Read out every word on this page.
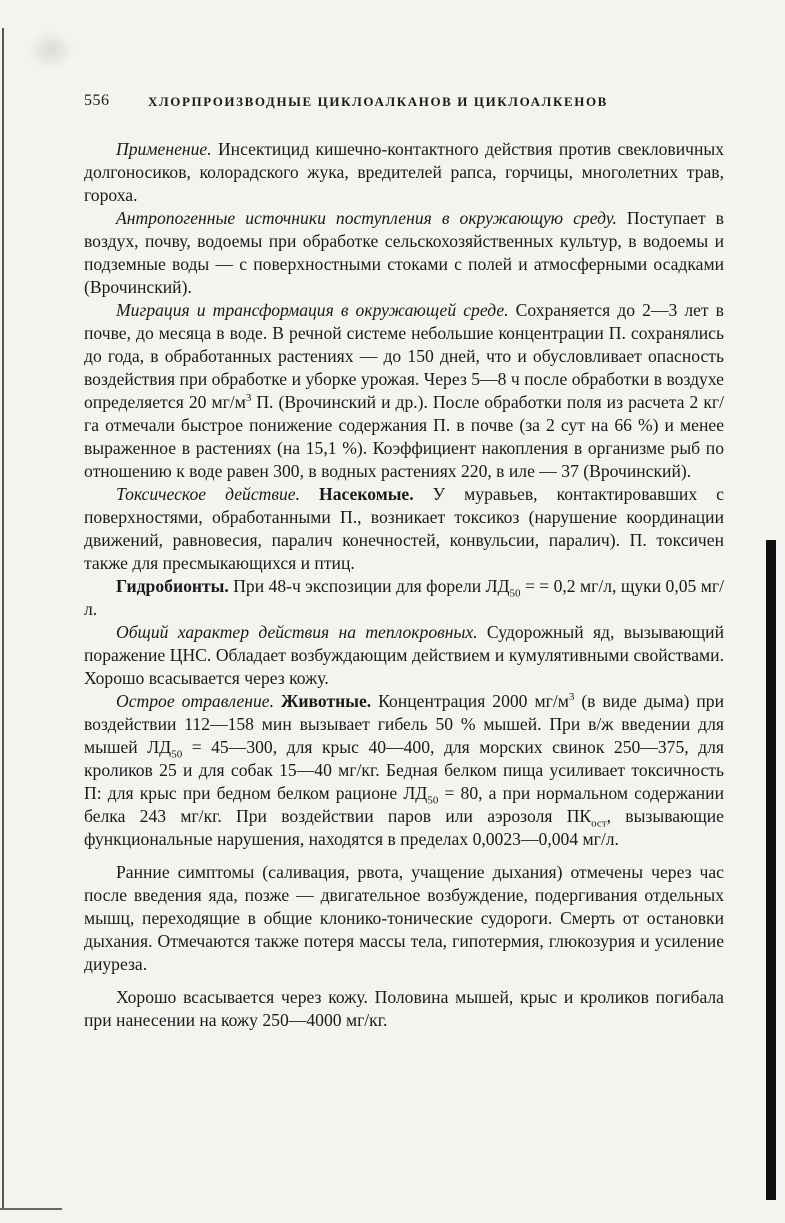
556	ХЛОРПРОИЗВОДНЫЕ ЦИКЛОАЛКАНОВ И ЦИКЛОАЛКЕНОВ

Применение. Инсектицид кишечно-контактного действия против свекловичных долгоносиков, колорадского жука, вредителей рапса, горчицы, многолетних трав, гороха.

Антропогенные источники поступления в окружающую среду. Поступает в воздух, почву, водоемы при обработке сельскохозяйственных культур, в водоемы и подземные воды — с поверхностными стоками с полей и атмосферными осадками (Врочинский).

Миграция и трансформация в окружающей среде. Сохраняется до 2—3 лет в почве, до месяца в воде. В речной системе небольшие концентрации П. сохранялись до года, в обработанных растениях — до 150 дней, что и обусловливает опасность воздействия при обработке и уборке урожая. Через 5—8 ч после обработки в воздухе определяется 20 $мг/м^3$ П. (Врочинский и др.). После обработки поля из расчета 2 кг/га отмечали быстрое понижение содержания П. в почве (за 2 сут на 66 %) и менее выраженное в растениях (на 15,1 %). Коэффициент накопления в организме рыб по отношению к воде равен 300, в водных растениях 220, в иле — 37 (Врочинский).

Токсическое действие. Насекомые. У муравьев, контактировавших с поверхностями, обработанными П., возникает токсикоз (нарушение координации движений, равновесия, паралич конечностей, конвульсии, паралич). П. токсичен также для пресмыкающихся и птиц.

Гидробионты. При 48-ч экспозиции для форели $ЛД_{50}$ = = 0,2 мг/л, щуки 0,05 мг/л.

Общий характер действия на теплокровных. Судорожный яд, вызывающий поражение ЦНС. Обладает возбуждающим действием и кумулятивными свойствами. Хорошо всасывается через кожу.

Острое отравление. Животные. Концентрация 2000 $мг/м^3$ (в виде дыма) при воздействии 112—158 мин вызывает гибель 50 % мышей. При в/ж введении для мышей $ЛД_{50}$ = 45—300, для крыс 40—400, для морских свинок 250—375, для кроликов 25 и для собак 15—40 мг/кг. Бедная белком пища усиливает токсичность П: для крыс при бедном белком рационе $ЛД_{50} = 80$, а при нормальном содержании белка 243 мг/кг. При воздействии паров или аэрозоля $ПК_{ост}$, вызывающие функциональные нарушения, находятся в пределах 0,0023—0,004 мг/л.

Ранние симптомы (саливация, рвота, учащение дыхания) отмечены через час после введения яда, позже — двигательное возбуждение, подергивания отдельных мышц, переходящие в общие клонико-тонические судороги. Смерть от остановки дыхания. Отмечаются также потеря массы тела, гипотермия, глюкозурия и усиление диуреза.

Хорошо всасывается через кожу. Половина мышей, крыс и кроликов погибала при нанесении на кожу 250—4000 мг/кг.
